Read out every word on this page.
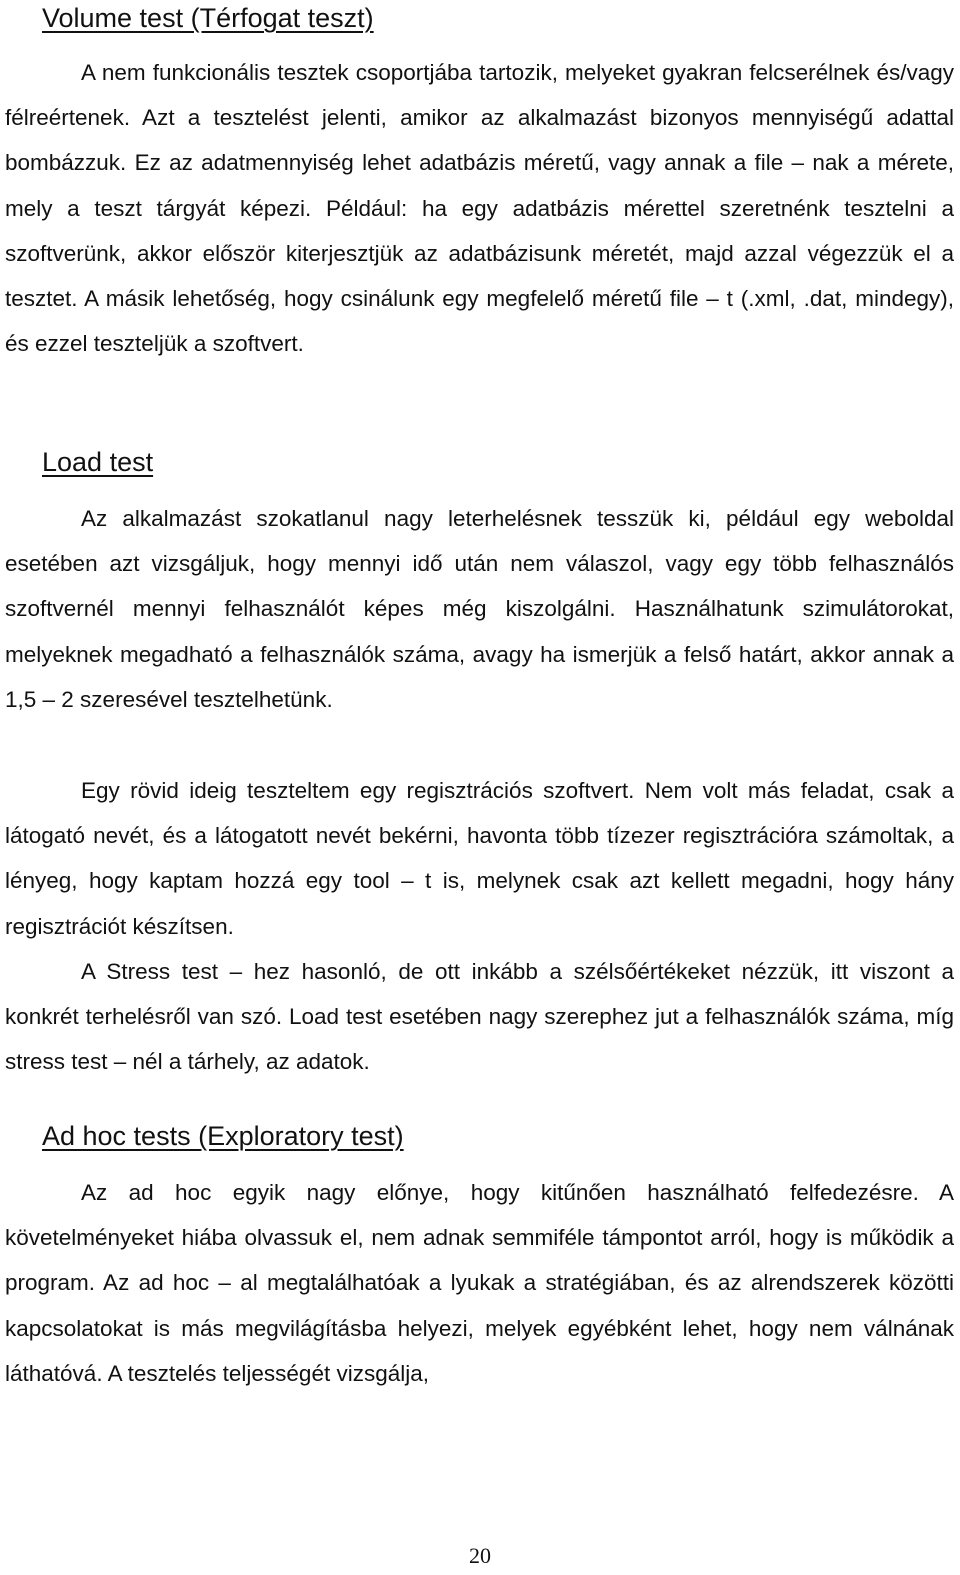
Volume test (Térfogat teszt)

A nem funkcionális tesztek csoportjába tartozik, melyeket gyakran felcserélnek és/vagy félreértenek. Azt a tesztelést jelenti, amikor az alkalmazást bizonyos mennyiségű adattal bombázzuk. Ez az adatmennyiség lehet adatbázis méretű, vagy annak a file – nak a mérete, mely a teszt tárgyát képezi. Például: ha egy adatbázis mérettel szeretnénk tesztelni a szoftverünk, akkor először kiterjesztjük az adatbázisunk méretét, majd azzal végezzük el a tesztet. A másik lehetőség, hogy csinálunk egy megfelelő méretű file – t (.xml, .dat, mindegy), és ezzel teszteljük a szoftvert.

Load test

Az alkalmazást szokatlanul nagy leterhelésnek tesszük ki, például egy weboldal esetében azt vizsgáljuk, hogy mennyi idő után nem válaszol, vagy egy több felhasználós szoftvernél mennyi felhasználót képes még kiszolgálni. Használhatunk szimulátorokat, melyeknek megadható a felhasználók száma, avagy ha ismerjük a felső határt, akkor annak a 1,5 – 2 szeresével tesztelhetünk.

Egy rövid ideig teszteltem egy regisztrációs szoftvert. Nem volt más feladat, csak a látogató nevét, és a látogatott nevét bekérni, havonta több tízezer regisztrációra számoltak, a lényeg, hogy kaptam hozzá egy tool – t is, melynek csak azt kellett megadni, hogy hány regisztrációt készítsen.

A Stress test – hez hasonló, de ott inkább a szélsőértékeket nézzük, itt viszont a konkrét terhelésről van szó. Load test esetében nagy szerephez jut a felhasználók száma, míg stress test – nél a tárhely, az adatok.

Ad hoc tests (Exploratory test)

Az ad hoc egyik nagy előnye, hogy kitűnően használható felfedezésre. A követelményeket hiába olvassuk el, nem adnak semmiféle támpontot arról, hogy is működik a program. Az ad hoc – al megtalálhatóak a lyukak a stratégiában, és az alrendszerek közötti kapcsolatokat is más megvilágításba helyezi, melyek egyébként lehet, hogy nem válnának láthatóvá. A tesztelés teljességét vizsgálja,

20
